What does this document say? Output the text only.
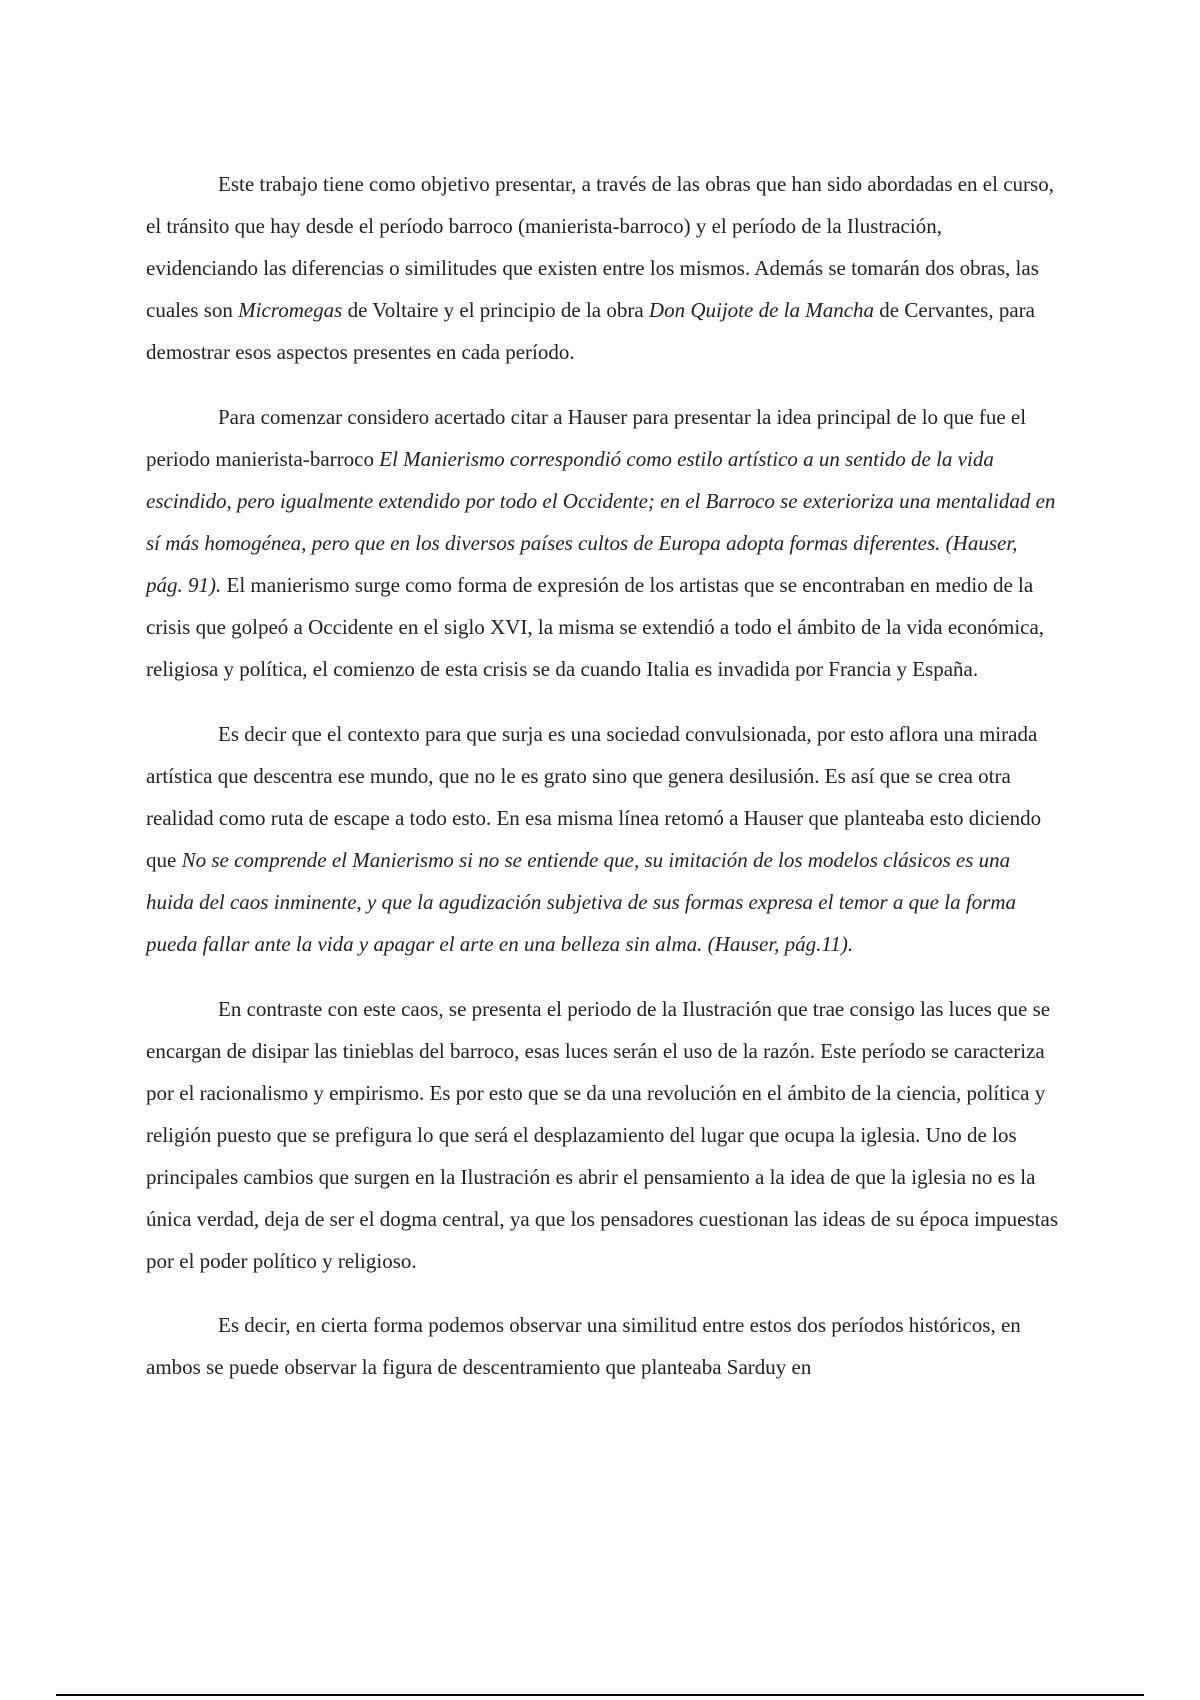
Este trabajo tiene como objetivo presentar, a través de las obras que han sido abordadas en el curso, el tránsito que hay desde el período barroco (manierista-barroco) y el período de la Ilustración, evidenciando las diferencias o similitudes que existen entre los mismos. Además se tomarán dos obras, las cuales son Micromegas de Voltaire y el principio de la obra Don Quijote de la Mancha de Cervantes, para demostrar esos aspectos presentes en cada período.

Para comenzar considero acertado citar a Hauser para presentar la idea principal de lo que fue el periodo manierista-barroco El Manierismo correspondió como estilo artístico a un sentido de la vida escindido, pero igualmente extendido por todo el Occidente; en el Barroco se exterioriza una mentalidad en sí más homogénea, pero que en los diversos países cultos de Europa adopta formas diferentes. (Hauser, pág. 91). El manierismo surge como forma de expresión de los artistas que se encontraban en medio de la crisis que golpeó a Occidente en el siglo XVI, la misma se extendió a todo el ámbito de la vida económica, religiosa y política, el comienzo de esta crisis se da cuando Italia es invadida por Francia y España.

Es decir que el contexto para que surja es una sociedad convulsionada, por esto aflora una mirada artística que descentra ese mundo, que no le es grato sino que genera desilusión. Es así que se crea otra realidad como ruta de escape a todo esto. En esa misma línea retomó a Hauser que planteaba esto diciendo que No se comprende el Manierismo si no se entiende que, su imitación de los modelos clásicos es una huida del caos inminente, y que la agudización subjetiva de sus formas expresa el temor a que la forma pueda fallar ante la vida y apagar el arte en una belleza sin alma. (Hauser, pág.11).

En contraste con este caos, se presenta el periodo de la Ilustración que trae consigo las luces que se encargan de disipar las tinieblas del barroco, esas luces serán el uso de la razón. Este período se caracteriza por el racionalismo y empirismo. Es por esto que se da una revolución en el ámbito de la ciencia, política y religión puesto que se prefigura lo que será el desplazamiento del lugar que ocupa la iglesia. Uno de los principales cambios que surgen en la Ilustración es abrir el pensamiento a la idea de que la iglesia no es la única verdad, deja de ser el dogma central, ya que los pensadores cuestionan las ideas de su época impuestas por el poder político y religioso.

Es decir, en cierta forma podemos observar una similitud entre estos dos períodos históricos, en ambos se puede observar la figura de descentramiento que planteaba Sarduy en
